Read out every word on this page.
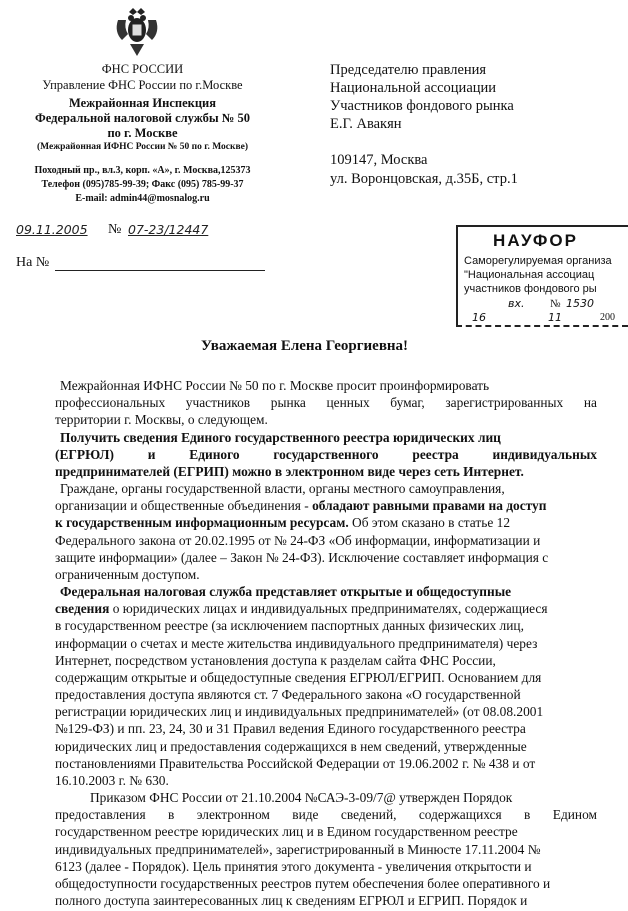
ФНС РОССИИ
Управление ФНС России по г.Москве
Межрайонная Инспекция
Федеральной налоговой службы № 50
по г. Москве
(Межрайонная ИФНС России № 50 по г. Москве)
Походный пр., вл.3, корп. «А», г. Москва,125373
Телефон (095)785-99-39; Факс (095) 785-99-37
E-mail: admin44@mosnalog.ru
Председателю правления
Национальной ассоциации
Участников фондового рынка
Е.Г. Авакян
109147, Москва
ул. Воронцовская, д.35Б, стр.1
09.11.2005 № 07-23/12447
На №
НАУФОР
Саморегулируемая организа
"Национальная ассоциац
участников фондового ры
вх. № 1530
16	11	200
Уважаемая Елена Георгиевна!
Межрайонная ИФНС России № 50 по г. Москве просит проинформировать
профессиональных участников рынка ценных бумаг, зарегистрированных на
территории г. Москвы, о следующем.
Получить сведения Единого государственного реестра юридических лиц
(ЕГРЮЛ) и Единого государственного реестра индивидуальных
предпринимателей (ЕГРИП) можно в электронном виде через сеть Интернет.
Граждане, органы государственной власти, органы местного самоуправления,
организации и общественные объединения - обладают равными правами на доступ
к государственным информационным ресурсам. Об этом сказано в статье 12
Федерального закона от 20.02.1995 от № 24-ФЗ «Об информации, информатизации и
защите информации» (далее – Закон № 24-ФЗ). Исключение составляет информация с
ограниченным доступом.
Федеральная налоговая служба представляет открытые и общедоступные
сведения о юридических лицах и индивидуальных предпринимателях, содержащиеся
в государственном реестре (за исключением паспортных данных физических лиц,
информации о счетах и месте жительства индивидуального предпринимателя) через
Интернет, посредством установления доступа к разделам сайта ФНС России,
содержащим открытые и общедоступные сведения ЕГРЮЛ/ЕГРИП. Основанием для
предоставления доступа являются ст. 7 Федерального закона «О государственной
регистрации юридических лиц и индивидуальных предпринимателей» (от 08.08.2001
№129-ФЗ) и пп. 23, 24, 30 и 31 Правил ведения Единого государственного реестра
юридических лиц и предоставления содержащихся в нем сведений, утвержденные
постановлениями Правительства Российской Федерации от 19.06.2002 г. № 438 и от
16.10.2003 г. № 630.
Приказом ФНС России от 21.10.2004 №САЭ-3-09/7@ утвержден Порядок
предоставления в электронном виде сведений, содержащихся в Едином
государственном реестре юридических лиц и в Едином государственном реестре
индивидуальных предпринимателей», зарегистрированный в Минюсте 17.11.2004 №
6123 (далее - Порядок). Цель принятия этого документа - увеличения открытости и
общедоступности государственных реестров путем обеспечения более оперативного и
полного доступа заинтересованных лиц к сведениям ЕГРЮЛ и ЕГРИП. Порядок и
